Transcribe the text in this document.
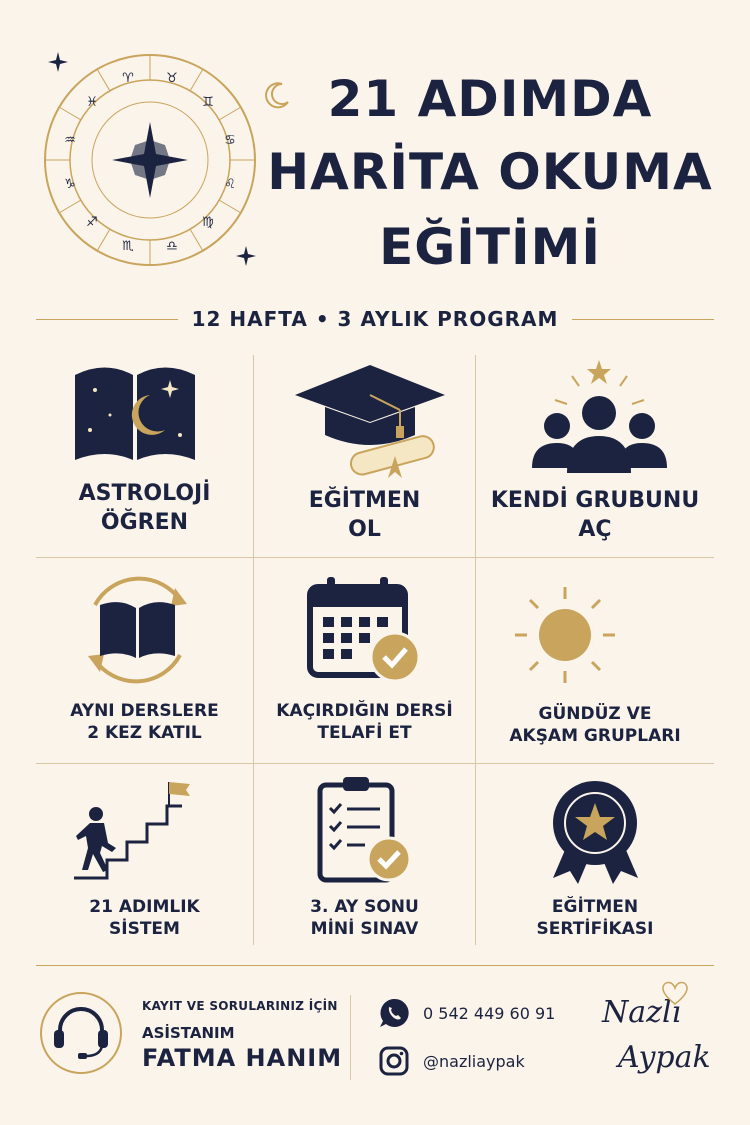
♈ ♉
♊
♋
♌
♍
♎
♏
♐
♑
♒
♓	21 ADIMDA
HARİTA OKUMA
EĞİTİMİ
12 HAFTA • 3 AYLIK PROGRAM
ASTROLOJİ
ÖĞREN
EĞİTMEN
OL
KENDİ GRUBUNU
AÇ
AYNI DERSLERE
2 KEZ KATIL
KAÇIRDIĞIN DERSİ
TELAFİ ET
GÜNDÜZ VE
AKŞAM GRUPLARI
21 ADIMLIK
SİSTEM
3. AY SONU
MİNİ SINAV
EĞİTMEN
SERTİFİKASI
KAYIT VE SORULARINIZ İÇİN
ASİSTANIM
FATMA HANIM
0 542 449 60 91
@nazliaypak
Nazlı
Aypak
